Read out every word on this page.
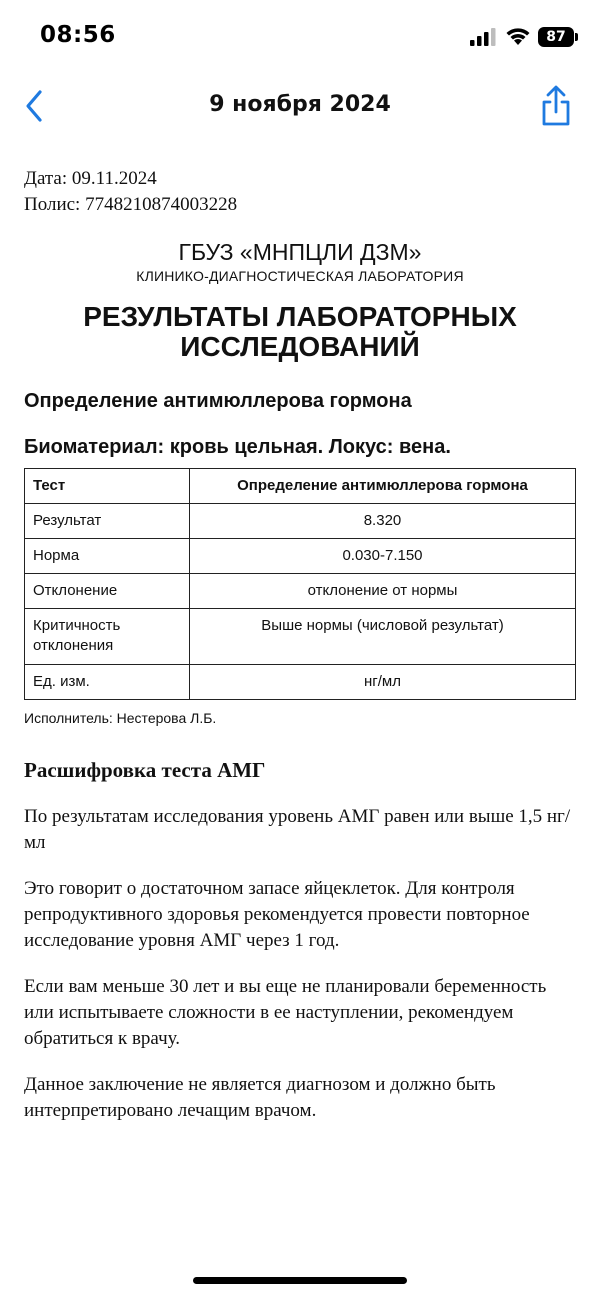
08:56	87
9 ноября 2024
Дата: 09.11.2024
Полис: 7748210874003228
ГБУЗ «МНПЦЛИ ДЗМ»
КЛИНИКО-ДИАГНОСТИЧЕСКАЯ ЛАБОРАТОРИЯ
РЕЗУЛЬТАТЫ ЛАБОРАТОРНЫХ
ИССЛЕДОВАНИЙ
Определение антимюллерова гормона
Биоматериал: кровь цельная. Локус: вена.
Тест	Определение антимюллерова гормона
Результат	8.320
Норма	0.030-7.150
Отклонение	отклонение от нормы
Критичность отклонения	Выше нормы (числовой результат)
Ед. изм.	нг/мл
Исполнитель: Нестерова Л.Б.
Расшифровка теста АМГ
По результатам исследования уровень АМГ равен или выше 1,5 нг/мл
Это говорит о достаточном запасе яйцеклеток. Для контроля репродуктивного здоровья рекомендуется провести повторное исследование уровня АМГ через 1 год.
Если вам меньше 30 лет и вы еще не планировали беременность или испытываете сложности в ее наступлении, рекомендуем обратиться к врачу.
Данное заключение не является диагнозом и должно быть интерпретировано лечащим врачом.
